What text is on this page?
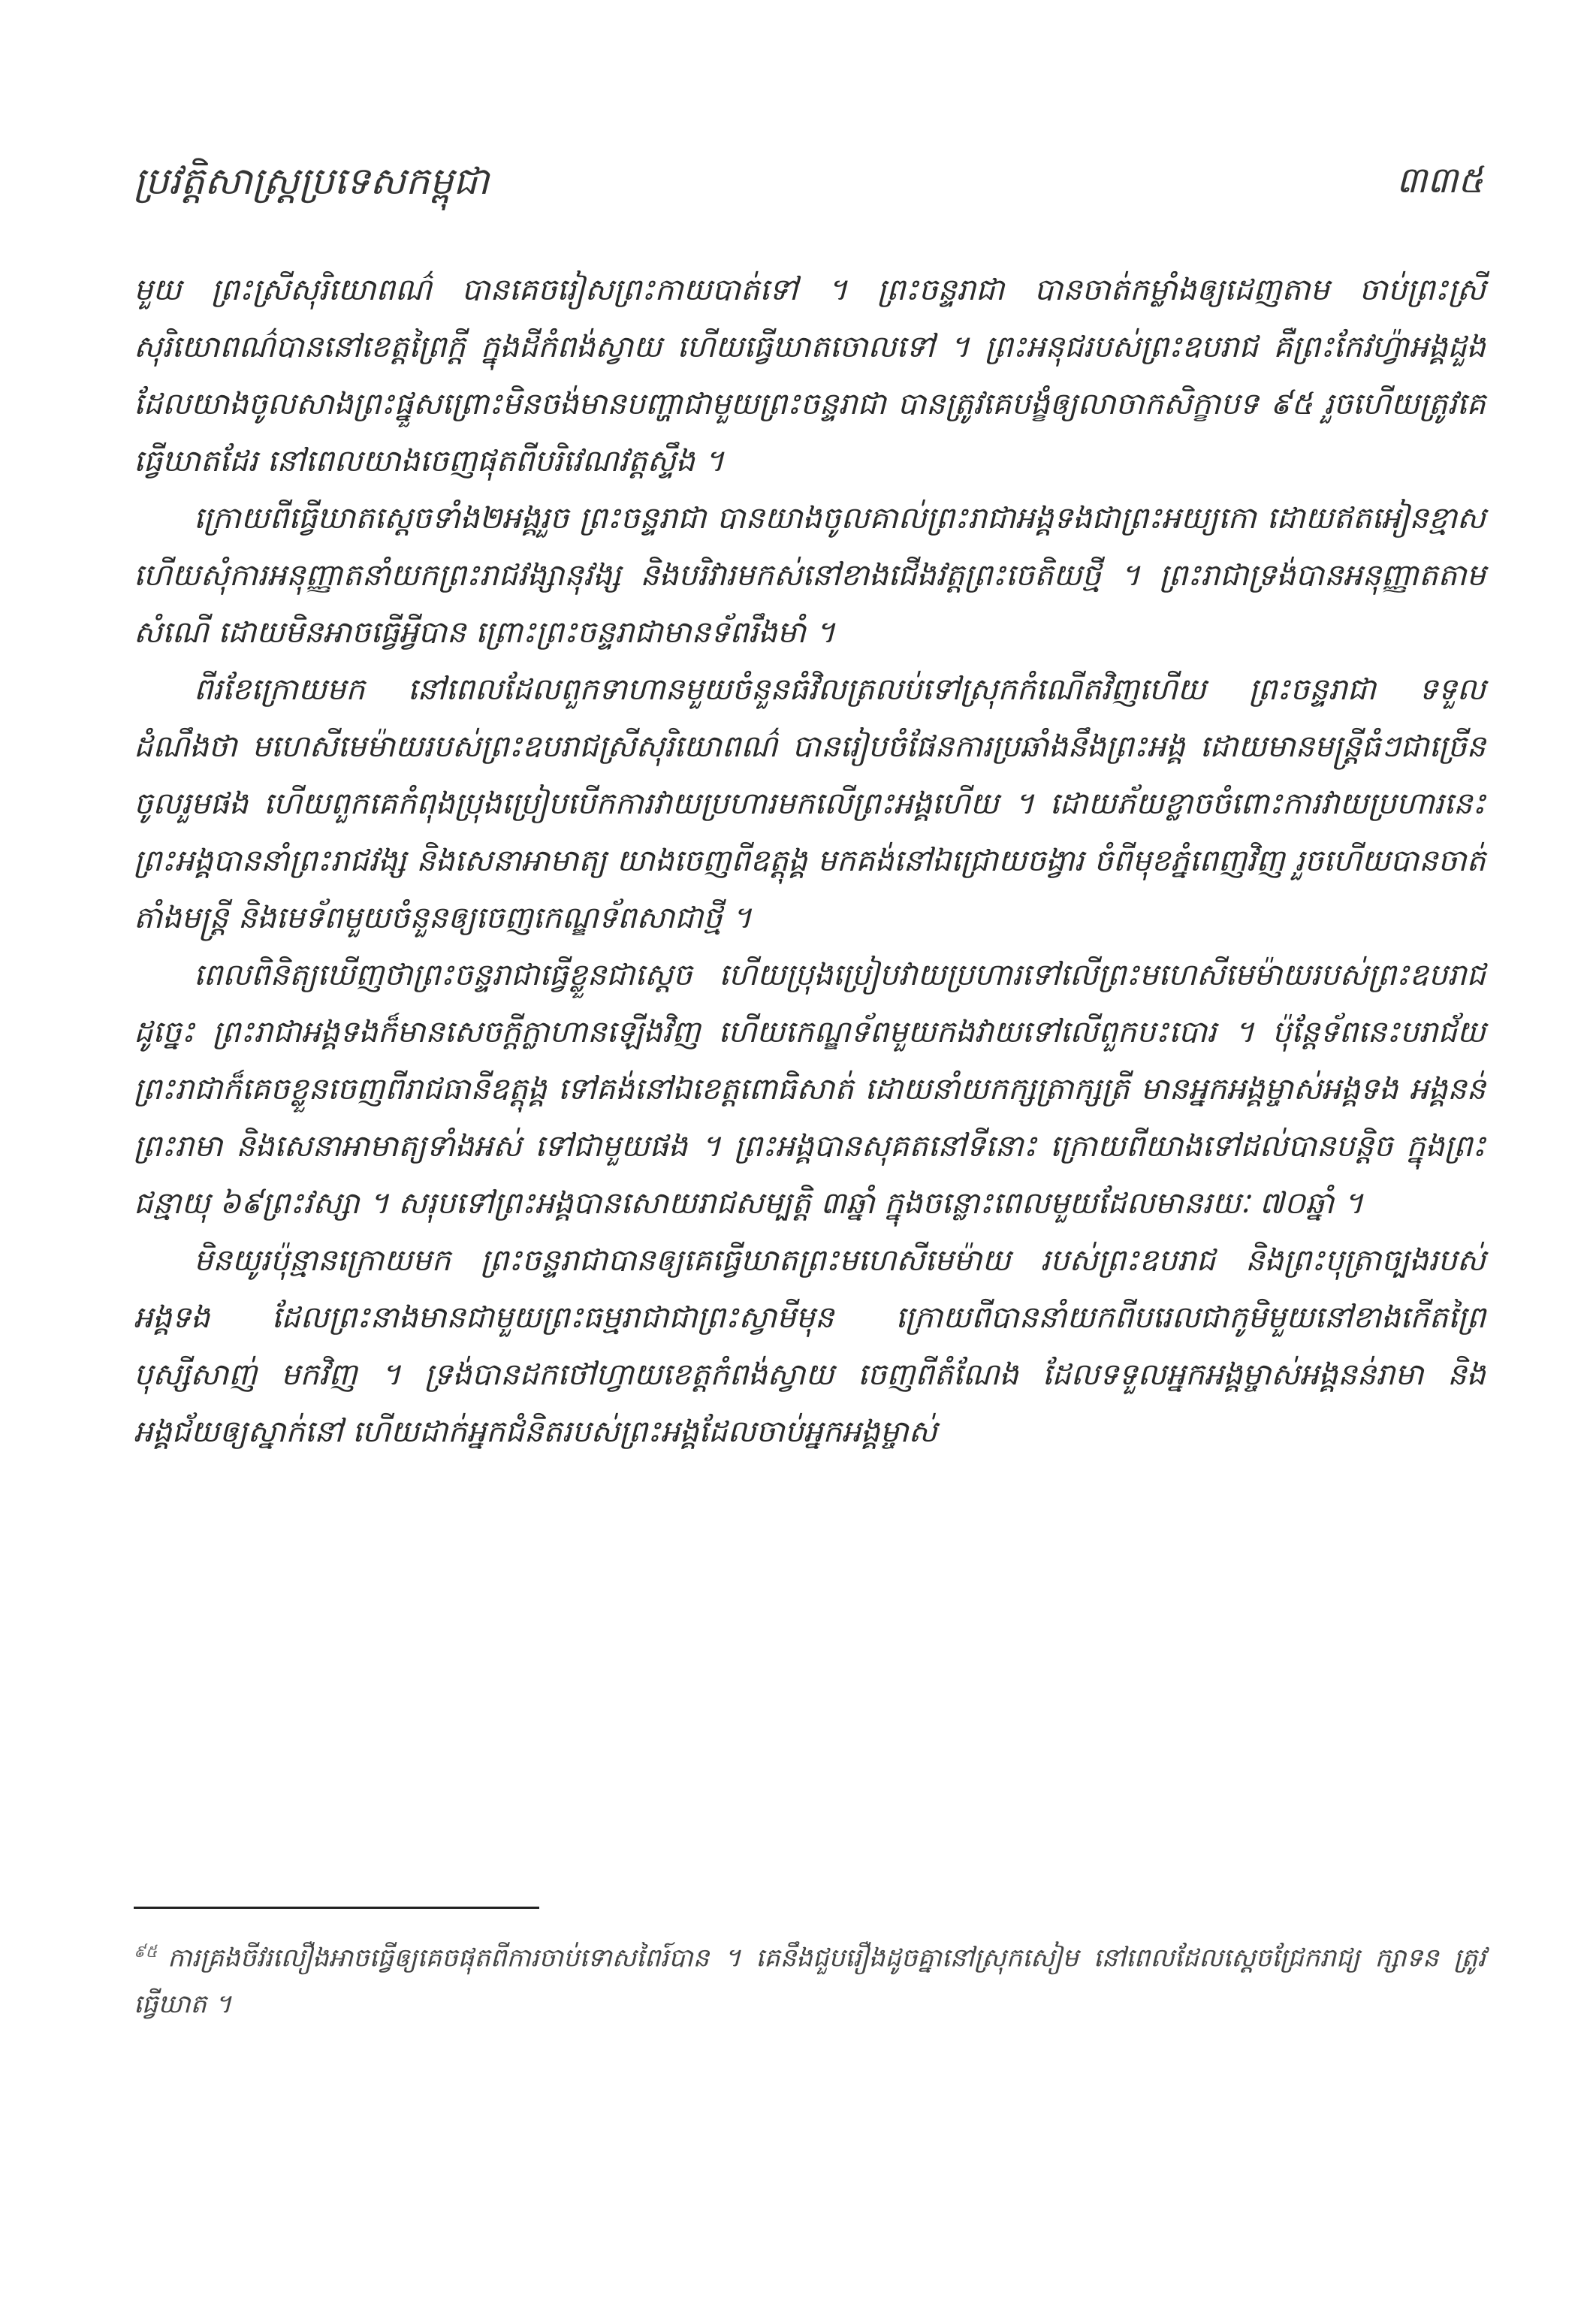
ប្រវត្តិសាស្ត្រប្រទេសកម្ពុជា	៣៣៥

មួយ ព្រះស្រីសុរិយោពណ៌ បានគេចរៀសព្រះកាយបាត់ទៅ ។ ព្រះចន្ទរាជា បានចាត់កម្លាំងឲ្យដេញតាម ចាប់ព្រះស្រីសុរិយោពណ៌បាននៅខេត្តព្រៃក្ដី ក្នុងដីកំពង់ស្វាយ ហើយធ្វើឃាតចោលទៅ ។ ព្រះអនុជរបស់ព្រះឧបរាជ គឺព្រះកែវហ្វ៉ាអង្គដួង ដែលយាងចូលសាងព្រះផ្នួសព្រោះមិនចង់មានបញ្ហាជាមួយព្រះចន្ទរាជា បានត្រូវគេបង្ខំឲ្យលាចាកសិក្ខាបទ ៩៥ រួចហើយត្រូវគេធ្វើឃាតដែរ នៅពេលយាងចេញផុតពីបរិវេណវត្តស្ទឹង ។

ក្រោយពីធ្វើឃាតស្ដេចទាំង២អង្គរួច ព្រះចន្ទរាជា បានយាងចូលគាល់ព្រះរាជាអង្គទងជាព្រះអយ្យកោ ដោយឥតអៀនខ្មាស ហើយសុំការអនុញ្ញាតនាំយកព្រះរាជវង្សានុវង្ស និងបរិវារមកស់នៅខាងជើងវត្តព្រះចេតិយថ្មី ។ ព្រះរាជាទ្រង់បានអនុញ្ញាតតាមសំណើ ដោយមិនអាចធ្វើអ្វីបាន ព្រោះព្រះចន្ទរាជាមានទ័ពរឹងមាំ ។

ពីរខែក្រោយមក នៅពេលដែលពួកទាហានមួយចំនួនធំវិលត្រលប់ទៅស្រុកកំណើតវិញហើយ ព្រះចន្ទរាជា ទទួលដំណឹងថា មហេសីមេម៉ាយរបស់ព្រះឧបរាជស្រីសុរិយោពណ៌ បានរៀបចំផែនការប្រឆាំងនឹងព្រះអង្គ ដោយមានមន្ត្រីធំៗជាច្រើនចូលរួមផង ហើយពួកគេកំពុងប្រុងប្រៀបបើកការវាយប្រហារមកលើព្រះអង្គហើយ ។ ដោយភ័យខ្លាចចំពោះការវាយប្រហារនេះ ព្រះអង្គបាននាំព្រះរាជវង្ស និងសេនាអាមាត្យ យាងចេញពីឧត្តុង្គ មកគង់នៅឯជ្រោយចង្វារ ចំពីមុខភ្នំពេញវិញ រួចហើយបានចាត់តាំងមន្ត្រី និងមេទ័ពមួយចំនួនឲ្យចេញកេណ្ឌទ័ពសាជាថ្មី ។

ពេលពិនិត្យឃើញថាព្រះចន្ទរាជាធ្វើខ្លួនជាស្ដេច ហើយប្រុងប្រៀបវាយប្រហារទៅលើព្រះមហេសីមេម៉ាយរបស់ព្រះឧបរាជដូច្នេះ ព្រះរាជាអង្គទងក៏មានសេចក្ដីក្លាហានឡើងវិញ ហើយកេណ្ឌទ័ពមួយកងវាយទៅលើពួកបះបោរ ។ ប៉ុន្តែទ័ពនេះបរាជ័យ ព្រះរាជាក៏គេចខ្លួនចេញពីរាជធានីឧត្តុង្គ ទៅគង់នៅឯខេត្តពោធិសាត់ ដោយនាំយកក្សត្រាក្សត្រី មានអ្នកអង្គម្ចាស់អង្គទង អង្គនន់ ព្រះរាមា និងសេនាអាមាត្យទាំងអស់ ទៅជាមួយផង ។ ព្រះអង្គបានសុគតនៅទីនោះ ក្រោយពីយាងទៅដល់បានបន្តិច ក្នុងព្រះជន្មាយុ ៦៩ព្រះវស្សា ។ សរុបទៅព្រះអង្គបានសោយរាជសម្បត្តិ ៣ឆ្នាំ ក្នុងចន្លោះពេលមួយដែលមានរយៈ ៧០ឆ្នាំ ។

មិនយូរប៉ុន្មានក្រោយមក ព្រះចន្ទរាជាបានឲ្យគេធ្វើឃាតព្រះមហេសីមេម៉ាយ របស់ព្រះឧបរាជ និងព្រះបុត្រាច្បងរបស់អង្គទង ដែលព្រះនាងមានជាមួយព្រះធម្មរាជាជាព្រះស្វាមីមុន ក្រោយពីបាននាំយកពីបរេលជាកូមិមួយនៅខាងកើតព្រៃបុស្សីសាញ់ មកវិញ ។ ទ្រង់បានដកថៅហ្វាយខេត្តកំពង់ស្វាយ ចេញពីតំណែង ដែលទទួលអ្នកអង្គម្ចាស់អង្គនន់រាមា និងអង្គជ័យឲ្យស្នាក់នៅ ហើយដាក់អ្នកជំនិតរបស់ព្រះអង្គដែលចាប់អ្នកអង្គម្ចាស់

$^{៩៥}$ ការគ្រងចីវរលឿងអាចធ្វើឲ្យគេចផុតពីការចាប់ទោសពៃរ៍បាន ។ គេនឹងជួបរឿងដូចគ្នានៅស្រុកសៀម នៅពេលដែលស្ដេចជ្រែករាជ្យ ក្សាទន ត្រូវធ្វើឃាត ។
